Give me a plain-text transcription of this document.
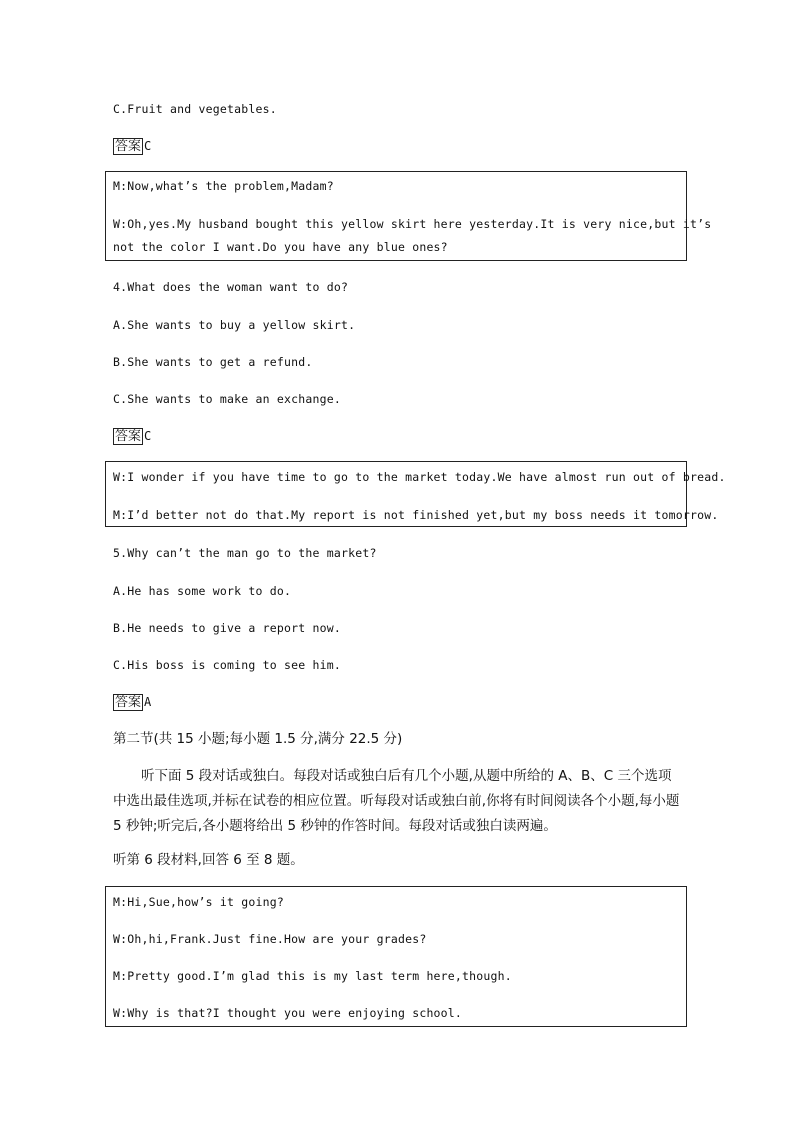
C.Fruit and vegetables.
答案 C
M:Now,what’s the problem,Madam?
W:Oh,yes.My husband bought this yellow skirt here yesterday.It is very nice,but it’s
not the color I want.Do you have any blue ones?
4.What does the woman want to do?
A.She wants to buy a yellow skirt.
B.She wants to get a refund.
C.She wants to make an exchange.
答案 C
W:I wonder if you have time to go to the market today.We have almost run out of bread.
M:I’d better not do that.My report is not finished yet,but my boss needs it tomorrow.
5.Why can’t the man go to the market?
A.He has some work to do.
B.He needs to give a report now.
C.His boss is coming to see him.
答案 A
第二节(共 15 小题;每小题 1.5 分,满分 22.5 分)
听下面 5 段对话或独白。每段对话或独白后有几个小题,从题中所给的 A、B、C 三个选项中选出最佳选项,并标在试卷的相应位置。听每段对话或独白前,你将有时间阅读各个小题,每小题 5 秒钟;听完后,各小题将给出 5 秒钟的作答时间。每段对话或独白读两遍。
听第 6 段材料,回答 6 至 8 题。
M:Hi,Sue,how’s it going?
W:Oh,hi,Frank.Just fine.How are your grades?
M:Pretty good.I’m glad this is my last term here,though.
W:Why is that?I thought you were enjoying school.
